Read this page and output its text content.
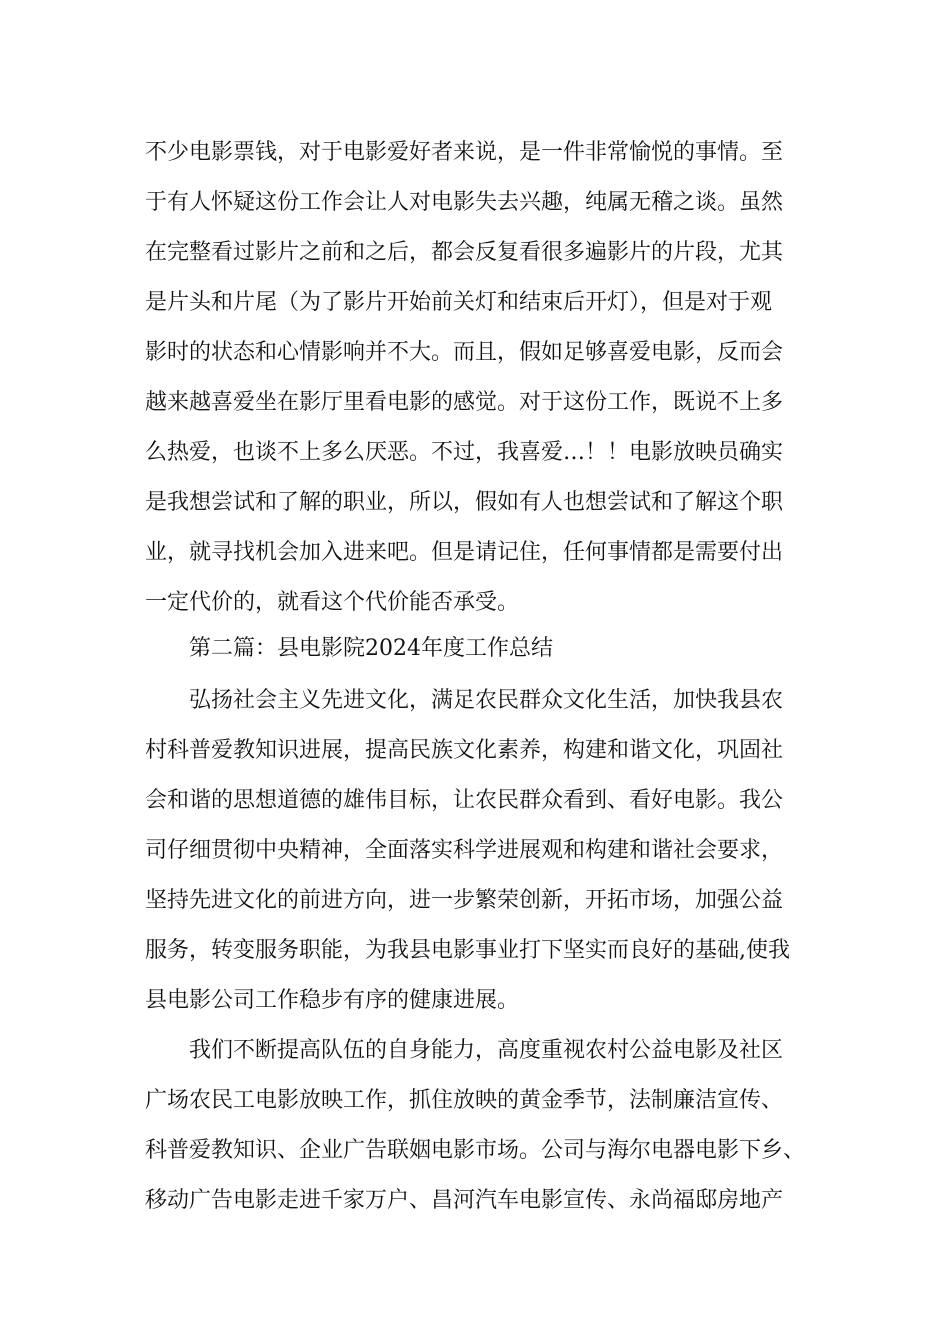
不少电影票钱，对于电影爱好者来说，是一件非常愉悦的事情。至
于有人怀疑这份工作会让人对电影失去兴趣，纯属无稽之谈。虽然
在完整看过影片之前和之后，都会反复看很多遍影片的片段，尤其
是片头和片尾（为了影片开始前关灯和结束后开灯），但是对于观
影时的状态和心情影响并不大。而且，假如足够喜爱电影，反而会
越来越喜爱坐在影厅里看电影的感觉。对于这份工作，既说不上多
么热爱，也谈不上多么厌恶。不过，我喜爱…！！电影放映员确实
是我想尝试和了解的职业，所以，假如有人也想尝试和了解这个职
业，就寻找机会加入进来吧。但是请记住，任何事情都是需要付出
一定代价的，就看这个代价能否承受。
第二篇：县电影院2024年度工作总结
弘扬社会主义先进文化，满足农民群众文化生活，加快我县农
村科普爱教知识进展，提高民族文化素养，构建和谐文化，巩固社
会和谐的思想道德的雄伟目标，让农民群众看到、看好电影。我公
司仔细贯彻中央精神，全面落实科学进展观和构建和谐社会要求，
坚持先进文化的前进方向，进一步繁荣创新，开拓市场，加强公益
服务，转变服务职能，为我县电影事业打下坚实而良好的基础,使我
县电影公司工作稳步有序的健康进展。
我们不断提高队伍的自身能力，高度重视农村公益电影及社区
广场农民工电影放映工作，抓住放映的黄金季节，法制廉洁宣传、
科普爱教知识、企业广告联姻电影市场。公司与海尔电器电影下乡、
移动广告电影走进千家万户、昌河汽车电影宣传、永尚福邸房地产
